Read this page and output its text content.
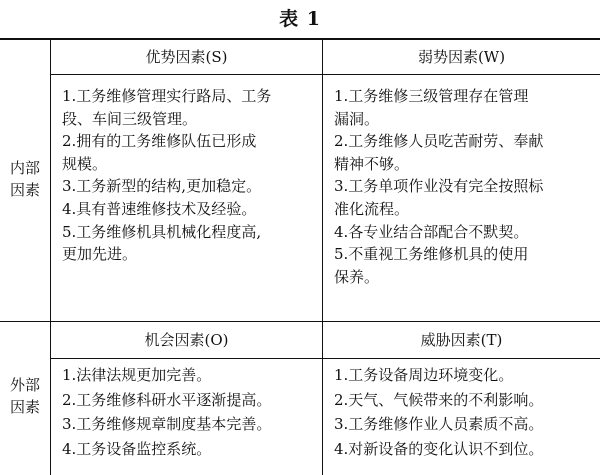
表 1
内部
因素
外部
因素
优势因素(S)	弱势因素(W)
机会因素(O)	威胁因素(T)
1.工务维修管理实行路局、工务
段、车间三级管理。
2.拥有的工务维修队伍已形成
规模。
3.工务新型的结构,更加稳定。
4.具有普速维修技术及经验。
5.工务维修机具机械化程度高,
更加先进。
1.工务维修三级管理存在管理
漏洞。
2.工务维修人员吃苦耐劳、奉献
精神不够。
3.工务单项作业没有完全按照标
准化流程。
4.各专业结合部配合不默契。
5.不重视工务维修机具的使用
保养。
1.法律法规更加完善。
2.工务维修科研水平逐渐提高。
3.工务维修规章制度基本完善。
4.工务设备监控系统。
1.工务设备周边环境变化。
2.天气、气候带来的不利影响。
3.工务维修作业人员素质不高。
4.对新设备的变化认识不到位。
